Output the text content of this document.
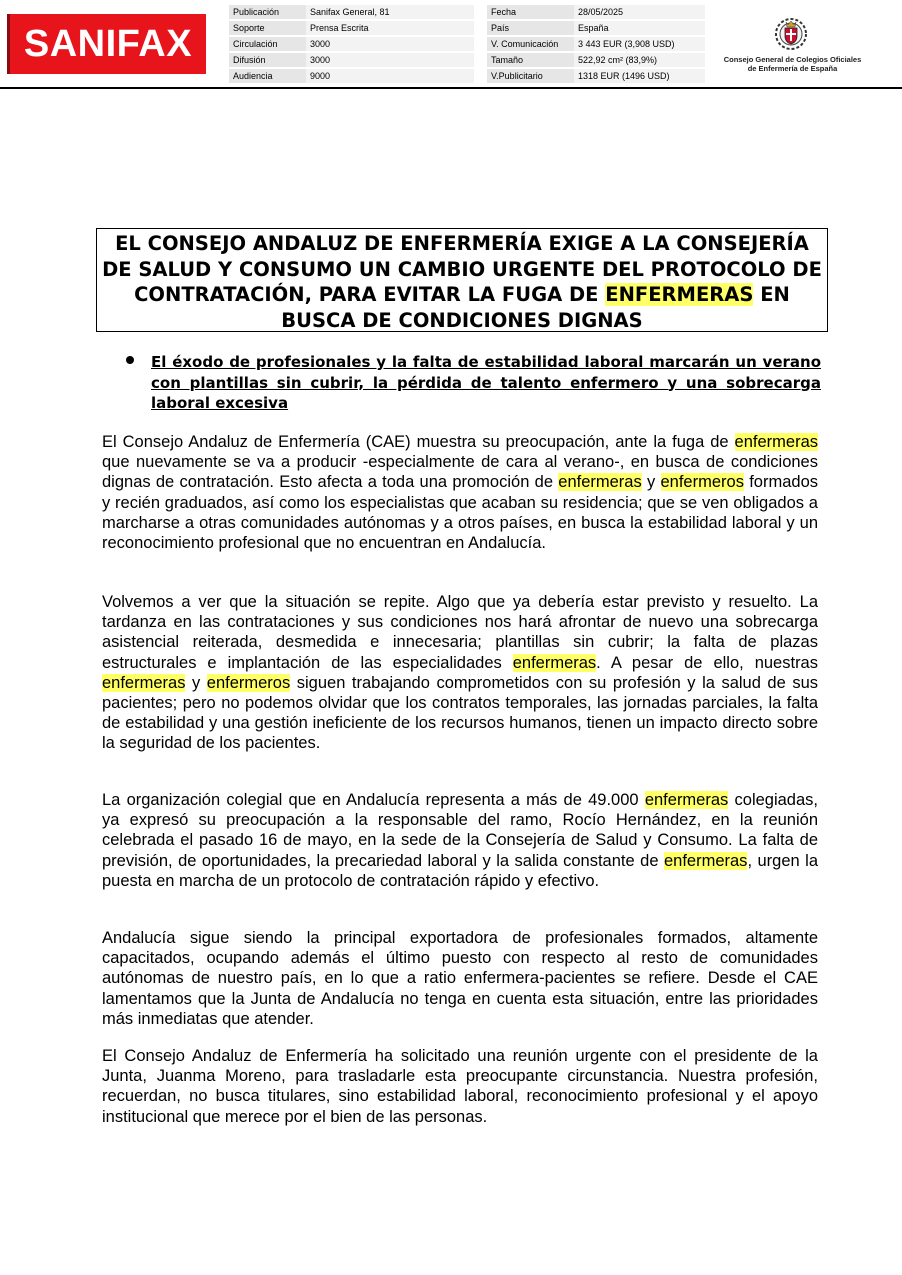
SANIFAX
Publicación	Sanifax General, 81
Soporte	Prensa Escrita
Circulación	3000
Difusión	3000
Audiencia	9000
Fecha	28/05/2025
País	España
V. Comunicación	3 443 EUR (3,908 USD)
Tamaño	522,92 cm² (83,9%)
V.Publicitario	1318 EUR (1496 USD)
Consejo General de Colegios Oficiales
de Enfermería de España
EL CONSEJO ANDALUZ DE ENFERMERÍA EXIGE A LA CONSEJERÍA DE SALUD Y CONSUMO UN CAMBIO URGENTE DEL PROTOCOLO DE CONTRATACIÓN, PARA EVITAR LA FUGA DE ENFERMERAS EN BUSCA DE CONDICIONES DIGNAS
El éxodo de profesionales y la falta de estabilidad laboral marcarán un verano con plantillas sin cubrir, la pérdida de talento enfermero y una sobrecarga laboral excesiva
El Consejo Andaluz de Enfermería (CAE) muestra su preocupación, ante la fuga de enfermeras que nuevamente se va a producir -especialmente de cara al verano-, en busca de condiciones dignas de contratación. Esto afecta a toda una promoción de enfermeras y enfermeros formados y recién graduados, así como los especialistas que acaban su residencia; que se ven obligados a marcharse a otras comunidades autónomas y a otros países, en busca la estabilidad laboral y un reconocimiento profesional que no encuentran en Andalucía.
Volvemos a ver que la situación se repite. Algo que ya debería estar previsto y resuelto. La tardanza en las contrataciones y sus condiciones nos hará afrontar de nuevo una sobrecarga asistencial reiterada, desmedida e innecesaria; plantillas sin cubrir; la falta de plazas estructurales e implantación de las especialidades enfermeras. A pesar de ello, nuestras enfermeras y enfermeros siguen trabajando comprometidos con su profesión y la salud de sus pacientes; pero no podemos olvidar que los contratos temporales, las jornadas parciales, la falta de estabilidad y una gestión ineficiente de los recursos humanos, tienen un impacto directo sobre la seguridad de los pacientes.
La organización colegial que en Andalucía representa a más de 49.000 enfermeras colegiadas, ya expresó su preocupación a la responsable del ramo, Rocío Hernández, en la reunión celebrada el pasado 16 de mayo, en la sede de la Consejería de Salud y Consumo. La falta de previsión, de oportunidades, la precariedad laboral y la salida constante de enfermeras, urgen la puesta en marcha de un protocolo de contratación rápido y efectivo.
Andalucía sigue siendo la principal exportadora de profesionales formados, altamente capacitados, ocupando además el último puesto con respecto al resto de comunidades autónomas de nuestro país, en lo que a ratio enfermera-pacientes se refiere. Desde el CAE lamentamos que la Junta de Andalucía no tenga en cuenta esta situación, entre las prioridades más inmediatas que atender.
El Consejo Andaluz de Enfermería ha solicitado una reunión urgente con el presidente de la Junta, Juanma Moreno, para trasladarle esta preocupante circunstancia. Nuestra profesión, recuerdan, no busca titulares, sino estabilidad laboral, reconocimiento profesional y el apoyo institucional que merece por el bien de las personas.
